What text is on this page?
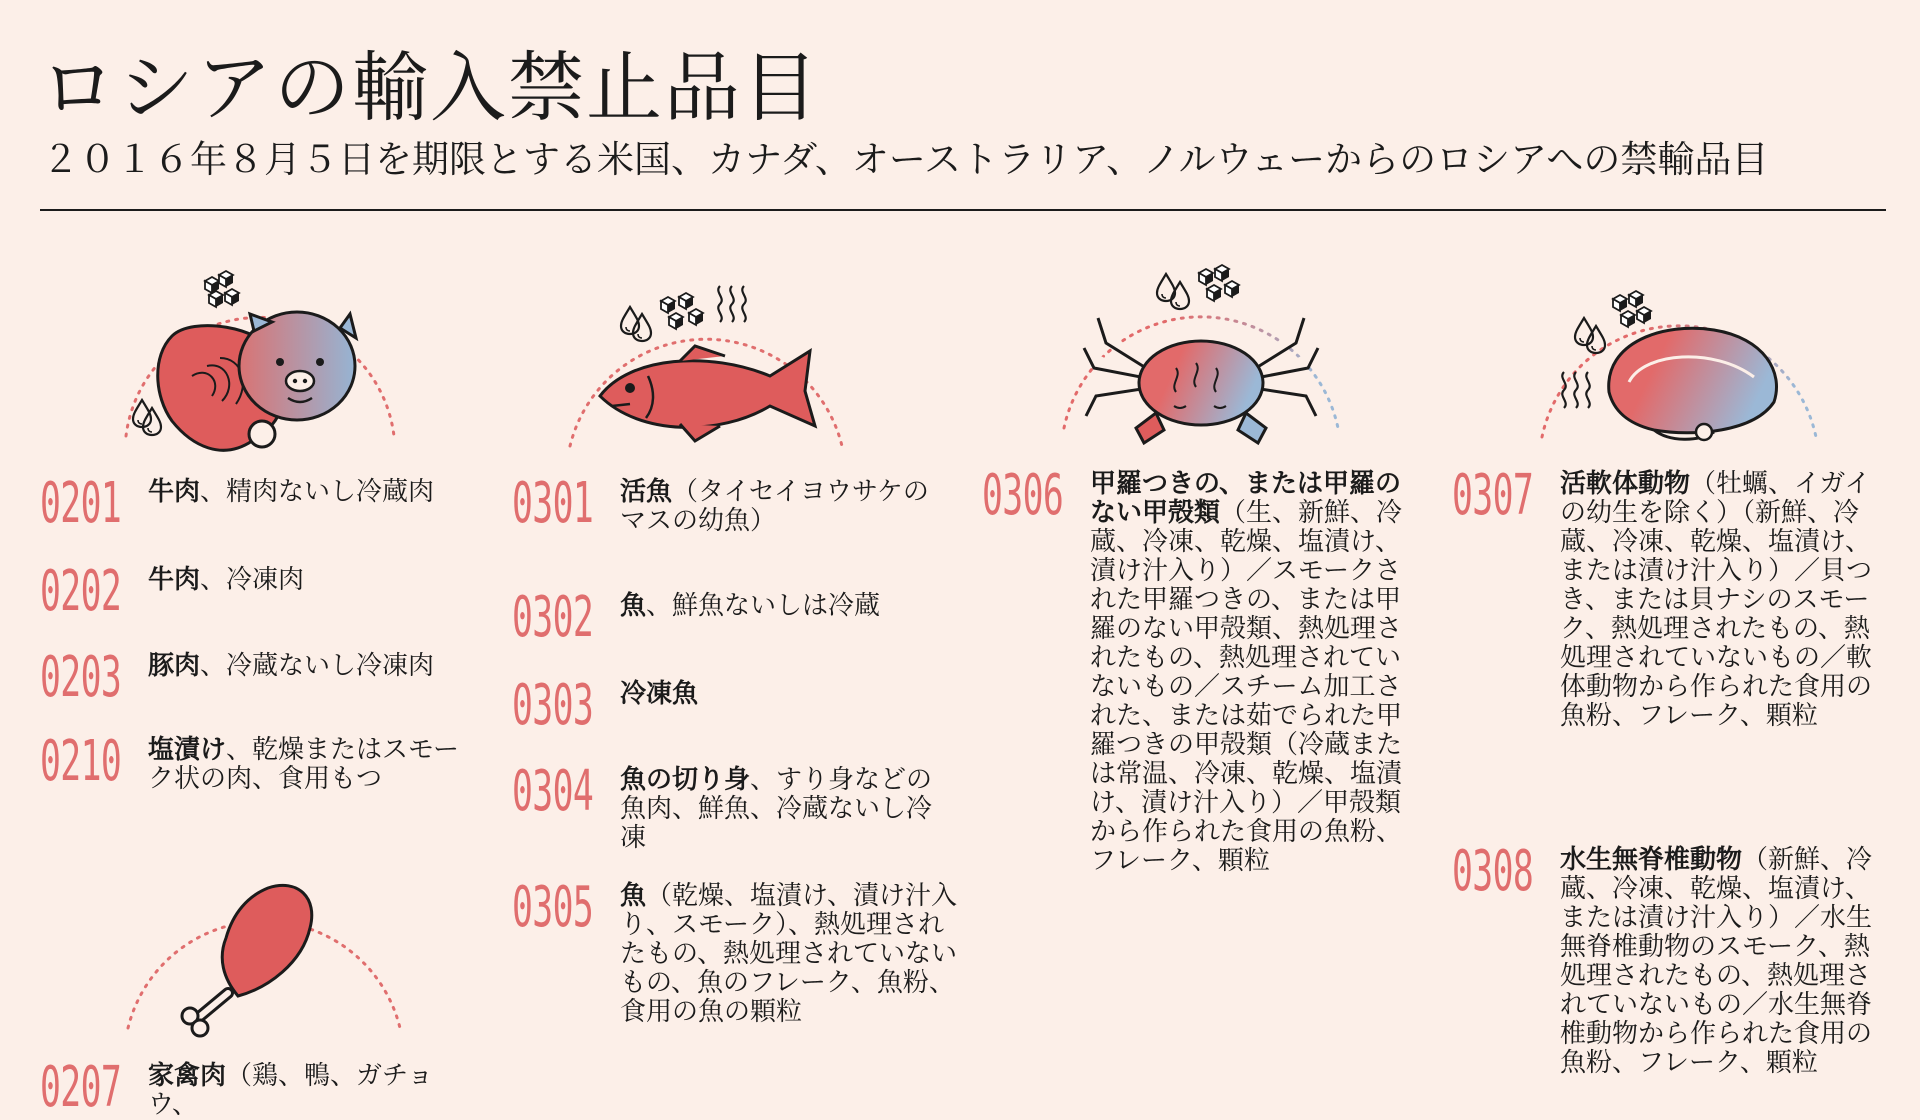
ロシアの輸入禁止品目
２０１６年８月５日を期限とする米国、カナダ、オーストラリア、ノルウェーからのロシアへの禁輸品目
0201 牛肉、精肉ないし冷蔵肉
0202 牛肉、冷凍肉
0203 豚肉、冷蔵ないし冷凍肉
0210 塩漬け、乾燥またはスモーク状の肉、食用もつ
0207 家禽肉（鶏、鴨、ガチョウ、
0301 活魚（タイセイヨウサケのマスの幼魚）
0302 魚、鮮魚ないしは冷蔵
0303 冷凍魚
0304 魚の切り身、すり身などの魚肉、鮮魚、冷蔵ないし冷凍
0305 魚（乾燥、塩漬け、漬け汁入り、スモーク）、熱処理されたもの、熱処理されていないもの、魚のフレーク、魚粉、食用の魚の顆粒
0306 甲羅つきの、または甲羅のない甲殻類（生、新鮮、冷蔵、冷凍、乾燥、塩漬け、漬け汁入り）／スモークされた甲羅つきの、または甲羅のない甲殻類、熱処理されたもの、熱処理されていないもの／スチーム加工された、または茹でられた甲羅つきの甲殻類（冷蔵または常温、冷凍、乾燥、塩漬け、漬け汁入り）／甲殻類から作られた食用の魚粉、フレーク、顆粒
0307 活軟体動物（牡蠣、イガイの幼生を除く）（新鮮、冷蔵、冷凍、乾燥、塩漬け、または漬け汁入り）／貝つき、または貝ナシのスモーク、熱処理されたもの、熱処理されていないもの／軟体動物から作られた食用の魚粉、フレーク、顆粒
0308 水生無脊椎動物（新鮮、冷蔵、冷凍、乾燥、塩漬け、または漬け汁入り）／水生無脊椎動物のスモーク、熱処理されたもの、熱処理されていないもの／水生無脊椎動物から作られた食用の魚粉、フレーク、顆粒
